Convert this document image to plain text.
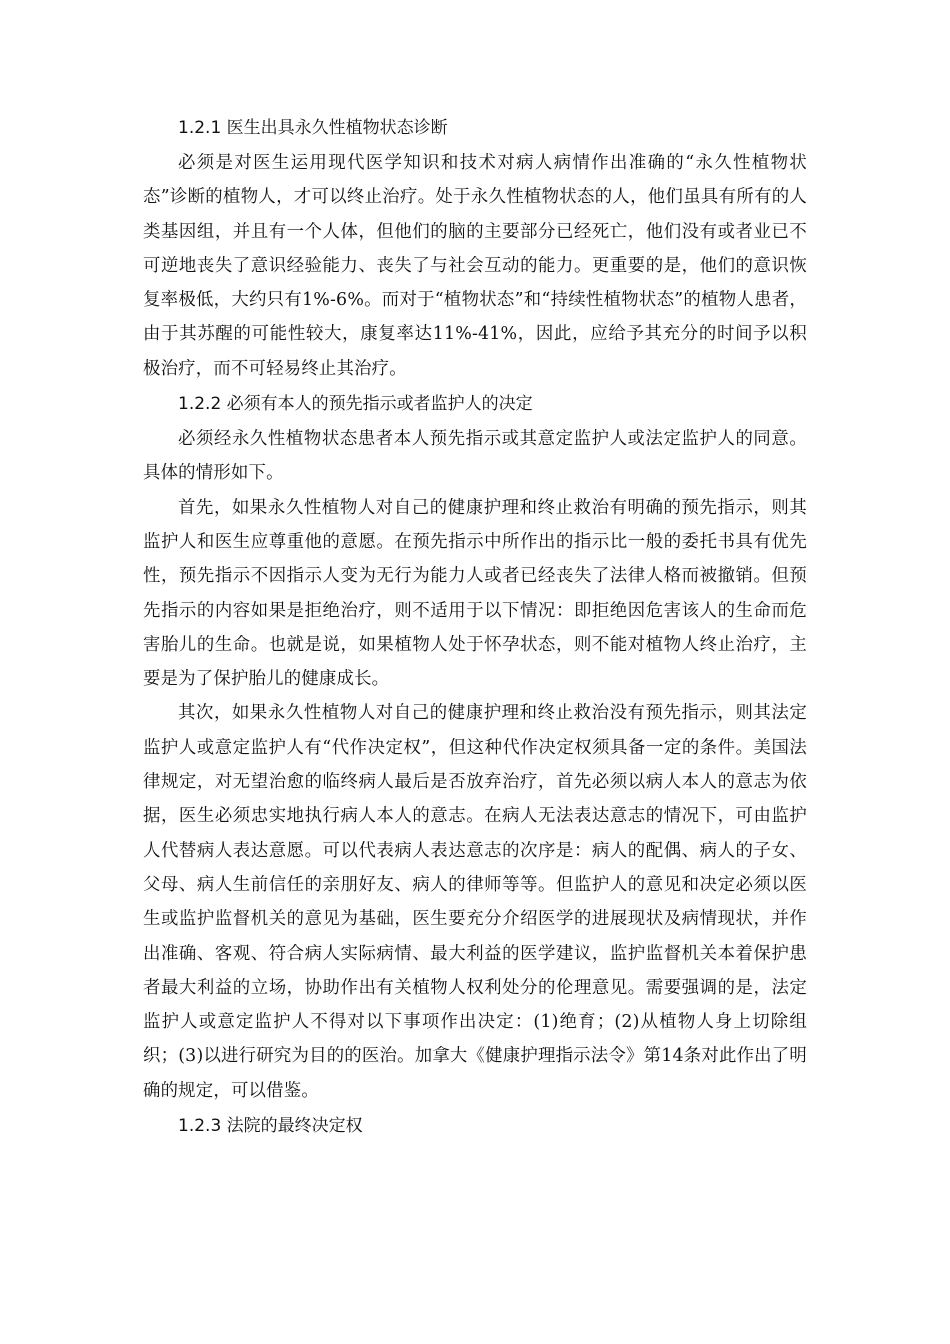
1.2.1 医生出具永久性植物状态诊断

必须是对医生运用现代医学知识和技术对病人病情作出准确的“永久性植物状态”诊断的植物人，才可以终止治疗。处于永久性植物状态的人，他们虽具有所有的人类基因组，并且有一个人体，但他们的脑的主要部分已经死亡，他们没有或者业已不可逆地丧失了意识经验能力、丧失了与社会互动的能力。更重要的是，他们的意识恢复率极低，大约只有1%-6%。而对于“植物状态”和“持续性植物状态”的植物人患者，由于其苏醒的可能性较大，康复率达11%-41%，因此，应给予其充分的时间予以积极治疗，而不可轻易终止其治疗。

1.2.2 必须有本人的预先指示或者监护人的决定

必须经永久性植物状态患者本人预先指示或其意定监护人或法定监护人的同意。具体的情形如下。

首先，如果永久性植物人对自己的健康护理和终止救治有明确的预先指示，则其监护人和医生应尊重他的意愿。在预先指示中所作出的指示比一般的委托书具有优先性，预先指示不因指示人变为无行为能力人或者已经丧失了法律人格而被撤销。但预先指示的内容如果是拒绝治疗，则不适用于以下情况：即拒绝因危害该人的生命而危害胎儿的生命。也就是说，如果植物人处于怀孕状态，则不能对植物人终止治疗，主要是为了保护胎儿的健康成长。

其次，如果永久性植物人对自己的健康护理和终止救治没有预先指示，则其法定监护人或意定监护人有“代作决定权”，但这种代作决定权须具备一定的条件。美国法律规定，对无望治愈的临终病人最后是否放弃治疗，首先必须以病人本人的意志为依据，医生必须忠实地执行病人本人的意志。在病人无法表达意志的情况下，可由监护人代替病人表达意愿。可以代表病人表达意志的次序是：病人的配偶、病人的子女、父母、病人生前信任的亲朋好友、病人的律师等等。但监护人的意见和决定必须以医生或监护监督机关的意见为基础，医生要充分介绍医学的进展现状及病情现状，并作出准确、客观、符合病人实际病情、最大利益的医学建议，监护监督机关本着保护患者最大利益的立场，协助作出有关植物人权利处分的伦理意见。需要强调的是，法定监护人或意定监护人不得对以下事项作出决定：(1)绝育；(2)从植物人身上切除组织；(3)以进行研究为目的的医治。加拿大《健康护理指示法令》第14条对此作出了明确的规定，可以借鉴。

1.2.3 法院的最终决定权
